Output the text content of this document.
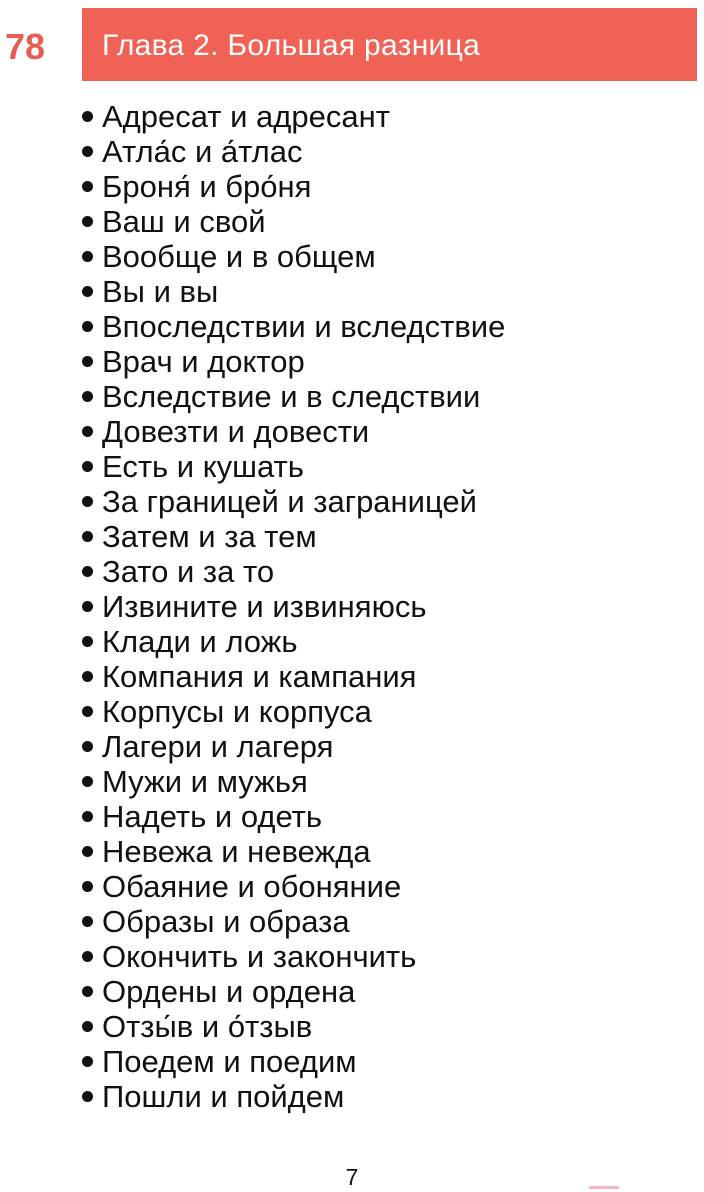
78 Глава 2. Большая разница
Адресат и адресант
Атла́с и а́тлас
Броня́ и бро́ня
Ваш и свой
Вообще и в общем
Вы и вы
Впоследствии и вследствие
Врач и доктор
Вследствие и в следствии
Довезти и довести
Есть и кушать
За границей и заграницей
Затем и за тем
Зато и за то
Извините и извиняюсь
Клади и ложь
Компания и кампания
Корпусы и корпуса
Лагери и лагеря
Мужи и мужья
Надеть и одеть
Невежа и невежда
Обаяние и обоняние
Образы и образа
Окончить и закончить
Ордены и ордена
Отзы́в и о́тзыв
Поедем и поедим
Пошли и пойдем
7
